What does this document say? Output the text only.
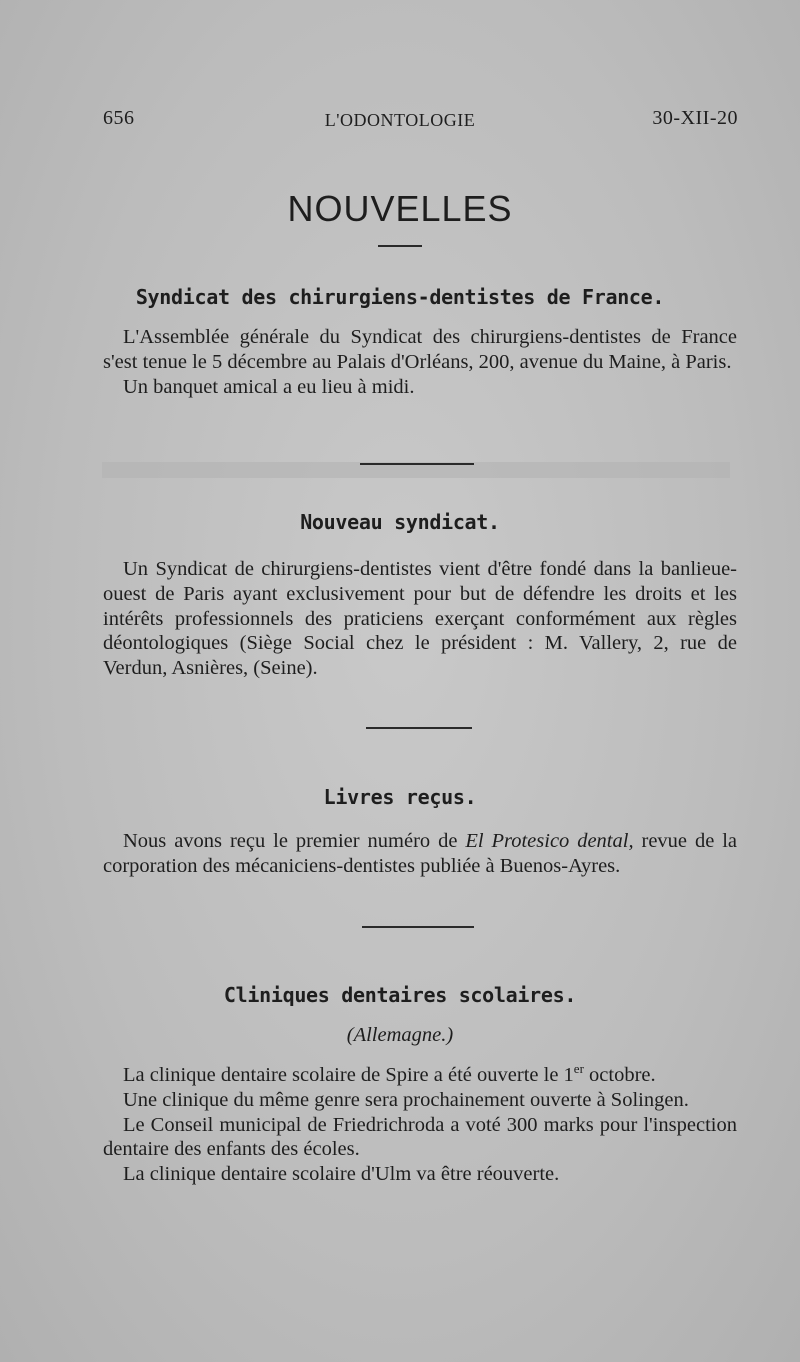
656	L'ODONTOLOGIE	30-XII-20
NOUVELLES
Syndicat des chirurgiens-dentistes de France.

L'Assemblée générale du Syndicat des chirurgiens-dentistes de France s'est tenue le 5 décembre au Palais d'Orléans, 200, avenue du Maine, à Paris.

Un banquet amical a eu lieu à midi.

Nouveau syndicat.

Un Syndicat de chirurgiens-dentistes vient d'être fondé dans la banlieue-ouest de Paris ayant exclusivement pour but de défendre les droits et les intérêts professionnels des praticiens exerçant conformément aux règles déontologiques (Siège Social chez le président : M. Vallery, 2, rue de Verdun, Asnières, (Seine).

Livres reçus.

Nous avons reçu le premier numéro de El Protesico dental, revue de la corporation des mécaniciens-dentistes publiée à Buenos-Ayres.

Cliniques dentaires scolaires.
(Allemagne.)

La clinique dentaire scolaire de Spire a été ouverte le 1er octobre.

Une clinique du même genre sera prochainement ouverte à Solingen.

Le Conseil municipal de Friedrichroda a voté 300 marks pour l'inspection dentaire des enfants des écoles.

La clinique dentaire scolaire d'Ulm va être réouverte.
